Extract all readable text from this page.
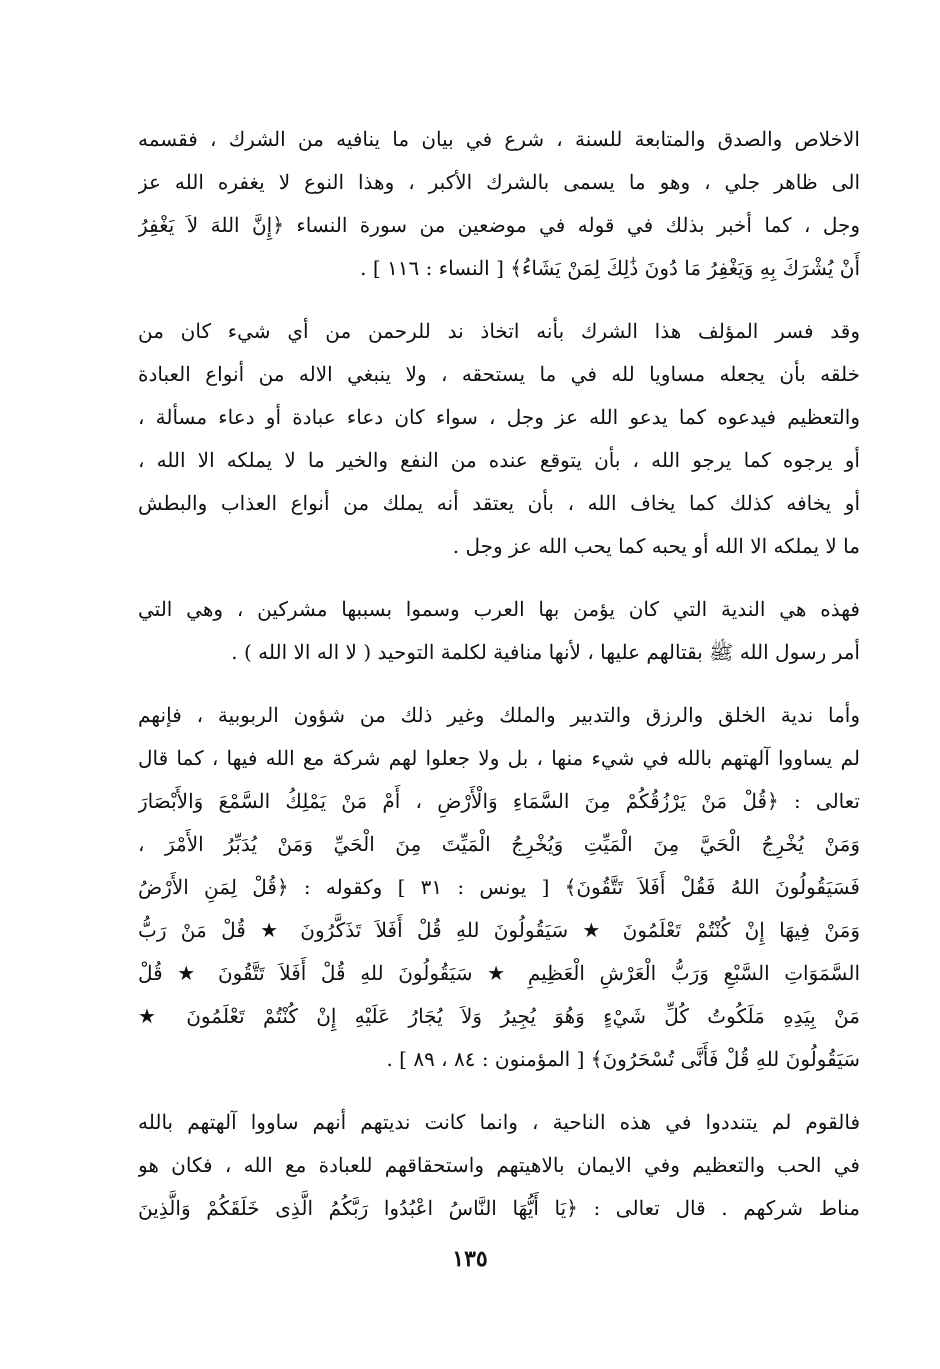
الاخلاص والصدق والمتابعة للسنة ، شرع في بيان ما ينافيه من الشرك ، فقسمه
الى ظاهر جلي ، وهو ما يسمى بالشرك الأكبر ، وهذا النوع لا يغفره الله عز
وجل ، كما أخبر بذلك في قوله في موضعين من سورة النساء ﴿إِنَّ اللهَ لاَ يَغْفِرُ
أَنْ يُشْرَكَ بِهِ وَيَغْفِرُ مَا دُونَ ذَٰلِكَ لِمَنْ يَشَاءُ﴾ [ النساء : ١١٦ ] .
وقد فسر المؤلف هذا الشرك بأنه اتخاذ ند للرحمن من أي شيء كان من
خلقه بأن يجعله مساويا لله في ما يستحقه ، ولا ينبغي الاله من أنواع العبادة
والتعظيم فيدعوه كما يدعو الله عز وجل ، سواء كان دعاء عبادة أو دعاء مسألة ،
أو يرجوه كما يرجو الله ، بأن يتوقع عنده من النفع والخير ما لا يملكه الا الله ،
أو يخافه كذلك كما يخاف الله ، بأن يعتقد أنه يملك من أنواع العذاب والبطش
ما لا يملكه الا الله أو يحبه كما يحب الله عز وجل .
فهذه هي الندية التي كان يؤمن بها العرب وسموا بسببها مشركين ، وهي التي
أمر رسول الله ﷺ بقتالهم عليها ، لأنها منافية لكلمة التوحيد ( لا اله الا الله ) .
وأما ندية الخلق والرزق والتدبير والملك وغير ذلك من شؤون الربوبية ، فإنهم
لم يساووا آلهتهم بالله في شيء منها ، بل ولا جعلوا لهم شركة مع الله فيها ، كما قال
تعالى : ﴿قُلْ مَنْ يَرْزُقُكُمْ مِنَ السَّمَاءِ وَالْأَرْضِ ، أَمْ مَنْ يَمْلِكُ السَّمْعَ وَالأَبْصَارَ
وَمَنْ يُخْرِجُ الْحَيَّ مِنَ الْمَيِّتِ وَيُخْرِجُ الْمَيِّتَ مِنَ الْحَيِّ وَمَنْ يُدَبِّرُ الأَمْرَ ،
فَسَيَقُولُونَ اللهُ فَقُلْ أَفَلاَ تَتَّقُونَ﴾ [ يونس : ٣١ ] وكقوله : ﴿قُلْ لِمَنِ الأَرْضُ
وَمَنْ فِيهَا إِنْ كُنْتُمْ تَعْلَمُونَ ★ سَيَقُولُونَ للهِ قُلْ أَفَلاَ تَذَكَّرُونَ ★ قُلْ مَنْ رَبُّ
السَّمَوَاتِ السَّبْعِ وَرَبُّ الْعَرْشِ الْعَظِيمِ ★ سَيَقُولُونَ للهِ قُلْ أَفَلاَ تَتَّقُونَ ★ قُلْ
مَنْ بِيَدِهِ مَلَكُوتُ كُلِّ شَيْءٍ وَهُوَ يُجِيرُ وَلاَ يُجَارُ عَلَيْهِ إِنْ كُنْتُمْ تَعْلَمُونَ ★
سَيَقُولُونَ للهِ قُلْ فَأَنَّى تُسْحَرُونَ﴾ [ المؤمنون : ٨٤ ، ٨٩ ] .
فالقوم لم يتنددوا في هذه الناحية ، وانما كانت نديتهم أنهم ساووا آلهتهم بالله
في الحب والتعظيم وفي الايمان بالاهيتهم واستحقاقهم للعبادة مع الله ، فكان هو
مناط شركهم . قال تعالى : ﴿يَا أَيُّهَا النَّاسُ اعْبُدُوا رَبَّكُمُ الَّذِى خَلَقَكُمْ وَالَّذِينَ
١٣٥
